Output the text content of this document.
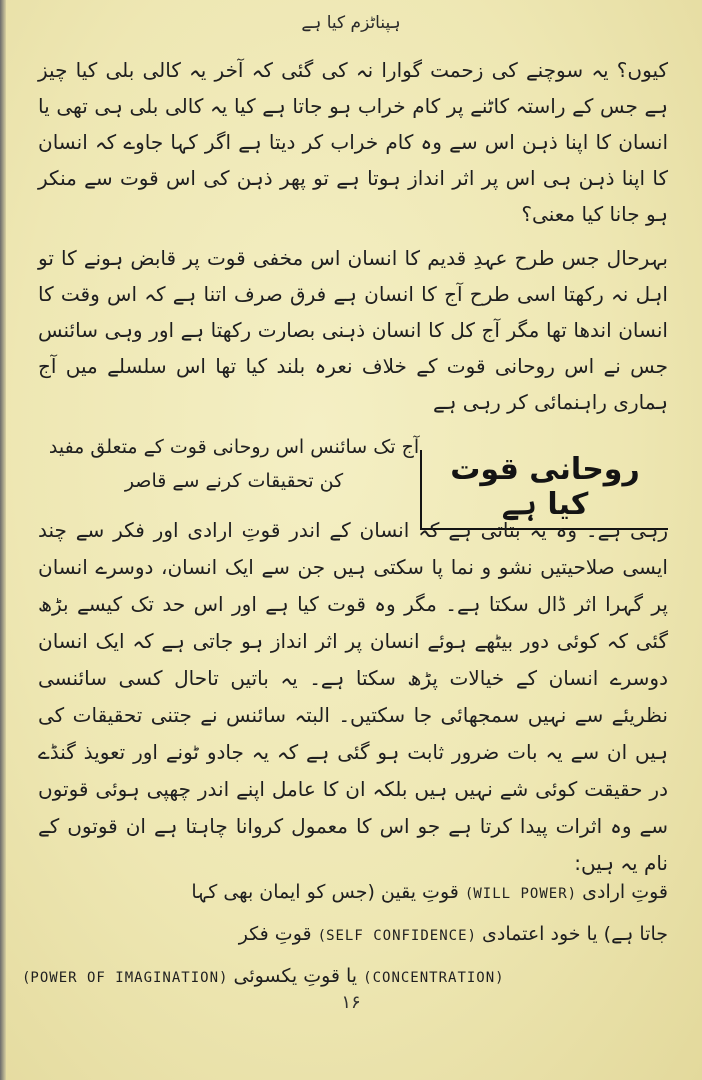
ہپناٹزم کیا ہے

کیوں؟ یہ سوچنے کی زحمت گوارا نہ کی گئی کہ آخر یہ کالی بلی کیا چیز ہے جس کے راستہ کاٹنے پر کام خراب ہو جاتا ہے کیا یہ کالی بلی ہی تھی یا انسان کا اپنا ذہن اس سے وہ کام خراب کر دیتا ہے اگر کہا جاوے کہ انسان کا اپنا ذہن ہی اس پر اثر انداز ہوتا ہے تو پھر ذہن کی اس قوت سے منکر ہو جانا کیا معنی؟

بہرحال جس طرح عہدِ قدیم کا انسان اس مخفی قوت پر قابض ہونے کا تو اہل نہ رکھتا اسی طرح آج کا انسان ہے فرق صرف اتنا ہے کہ اس وقت کا انسان اندھا تھا مگر آج کل کا انسان ذہنی بصارت رکھتا ہے اور وہی سائنس جس نے اس روحانی قوت کے خلاف نعرہ بلند کیا تھا اس سلسلے میں آج ہماری راہنمائی کر رہی ہے

روحانی قوت کیا ہے
آج تک سائنس اس روحانی قوت کے متعلق مفید کن تحقیقات کرنے سے قاصر
رہی ہے۔ وہ یہ بتاتی ہے کہ انسان کے اندر قوتِ ارادی اور فکر سے چند ایسی صلاحیتیں نشو و نما پا سکتی ہیں جن سے ایک انسان، دوسرے انسان پر گہرا اثر ڈال سکتا ہے۔ مگر وہ قوت کیا ہے اور اس حد تک کیسے بڑھ گئی کہ کوئی دور بیٹھے ہوئے انسان پر اثر انداز ہو جاتی ہے کہ ایک انسان دوسرے انسان کے خیالات پڑھ سکتا ہے۔ یہ باتیں تاحال کسی سائنسی نظریئے سے نہیں سمجھائی جا سکتیں۔ البتہ سائنس نے جتنی تحقیقات کی ہیں ان سے یہ بات ضرور ثابت ہو گئی ہے کہ یہ جادو ٹونے اور تعویذ گنڈے در حقیقت کوئی شے نہیں ہیں بلکہ ان کا عامل اپنے اندر چھپی ہوئی قوتوں سے وہ اثرات پیدا کرتا ہے جو اس کا معمول کروانا چاہتا ہے ان قوتوں کے نام یہ ہیں:
قوتِ ارادی (WILL POWER) قوتِ یقین (جس کو ایمان بھی کہا
جاتا ہے) یا خود اعتمادی (SELF CONFIDENCE) قوتِ فکر
(CONCENTRATION) یا قوتِ یکسوئی (POWER OF IMAGINATION)
۱۶
